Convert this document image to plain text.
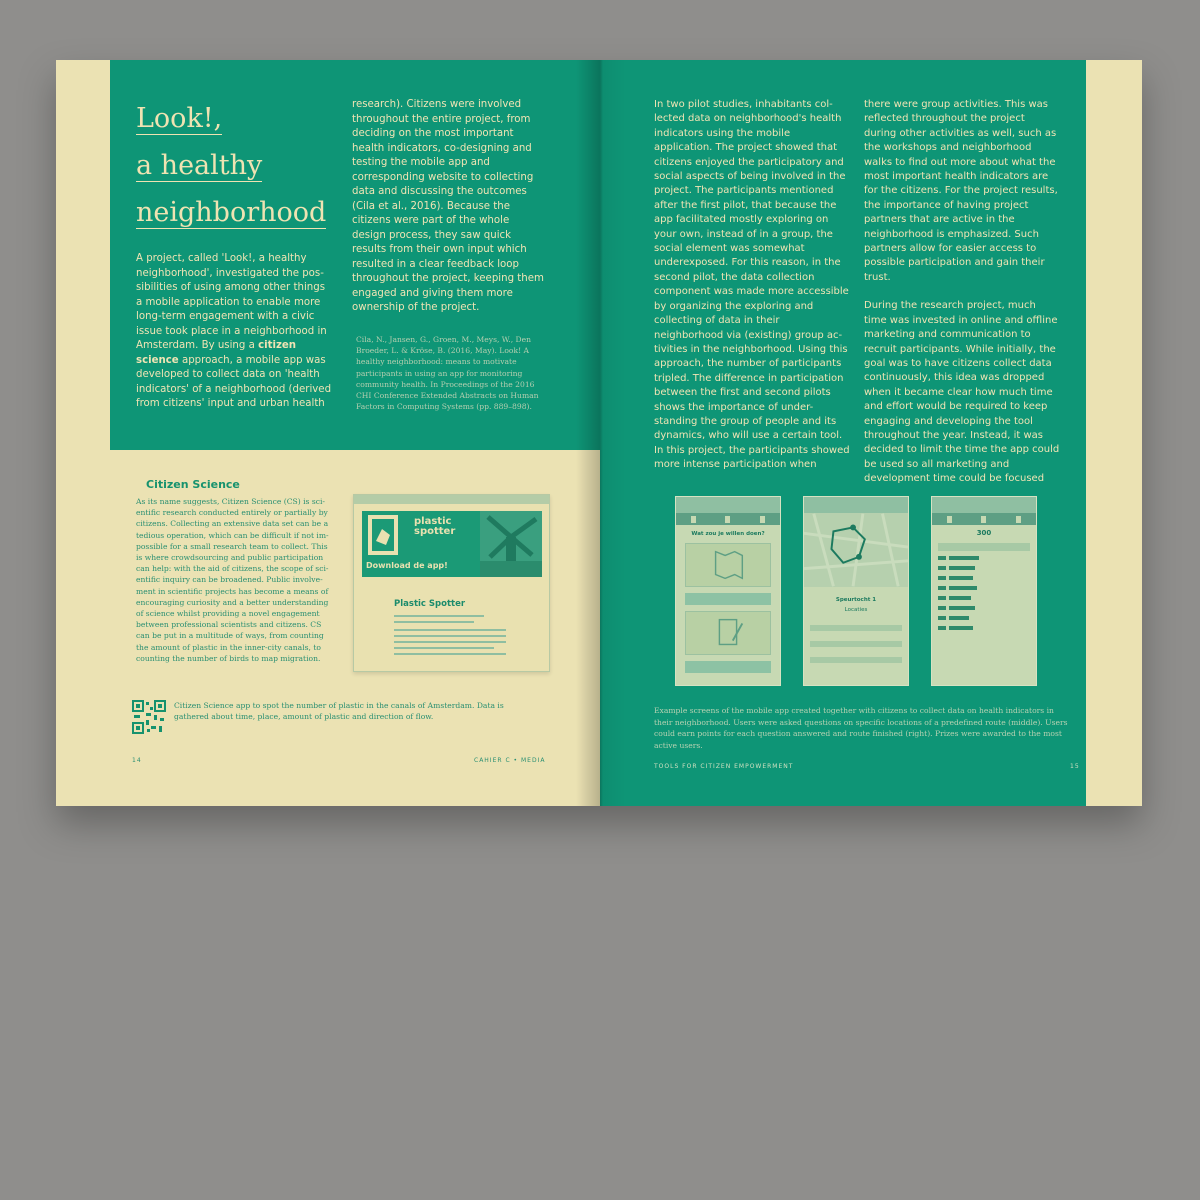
Look!,
a healthy
neighborhood

A project, called 'Look!, a healthy neighborhood', investigated the pos-sibilities of using among other things a mobile application to enable more long-term engagement with a civic issue took place in a neighborhood in Amsterdam. By using a citizen science approach, a mobile app was developed to collect data on 'health indicators' of a neighborhood (derived from citizens' input and urban health

research). Citizens were involved throughout the entire project, from deciding on the most important health indicators, co-designing and testing the mobile app and corresponding website to collecting data and discussing the outcomes (Cila et al., 2016). Because the citizens were part of the whole design process, they saw quick results from their own input which resulted in a clear feedback loop throughout the project, keeping them engaged and giving them more ownership of the project.

Cila, N., Jansen, G., Groen, M., Meys, W., Den Broeder, L. & Kröse, B. (2016, May). Look! A healthy neighborhood: means to motivate participants in using an app for monitoring community health. In Proceedings of the 2016 CHI Conference Extended Abstracts on Human Factors in Computing Systems (pp. 889–898).

Citizen Science

As its name suggests, Citizen Science (CS) is sci-entific research conducted entirely or partially by citizens. Collecting an extensive data set can be a tedious operation, which can be difficult if not im-possible for a small research team to collect. This is where crowdsourcing and public participation can help: with the aid of citizens, the scope of sci-entific inquiry can be broadened. Public involve-ment in scientific projects has become a means of encouraging curiosity and a better understanding of science whilst providing a novel engagement between professional scientists and citizens. CS can be put in a multitude of ways, from counting the amount of plastic in the inner-city canals, to counting the number of birds to map migration.

plastic spotter
Download de app!
Plastic Spotter

Citizen Science app to spot the number of plastic in the canals of Amsterdam. Data is gathered about time, place, amount of plastic and direction of flow.

14	CAHIER C • MEDIA

In two pilot studies, inhabitants col-lected data on neighborhood's health indicators using the mobile application. The project showed that citizens enjoyed the participatory and social aspects of being involved in the project. The participants mentioned after the first pilot, that because the app facilitated mostly exploring on your own, instead of in a group, the social element was somewhat underexposed. For this reason, in the second pilot, the data collection component was made more accessible by organizing the exploring and collecting of data in their neighborhood via (existing) group ac-tivities in the neighborhood. Using this approach, the number of participants tripled. The difference in participation between the first and second pilots shows the importance of under-standing the group of people and its dynamics, who will use a certain tool. In this project, the participants showed more intense participation when

there were group activities. This was reflected throughout the project during other activities as well, such as the workshops and neighborhood walks to find out more about what the most important health indicators are for the citizens. For the project results, the importance of having project partners that are active in the neighborhood is emphasized. Such partners allow for easier access to possible participation and gain their trust.

During the research project, much time was invested in online and offline marketing and communication to recruit participants. While initially, the goal was to have citizens collect data continuously, this idea was dropped when it became clear how much time and effort would be required to keep engaging and developing the tool throughout the year. Instead, it was decided to limit the time the app could be used so all marketing and development time could be focused

Wat zou je willen doen?
Speurtocht 1
Locaties
300

Example screens of the mobile app created together with citizens to collect data on health indicators in their neighborhood. Users were asked questions on specific locations of a predefined route (middle). Users could earn points for each question answered and route finished (right). Prizes were awarded to the most active users.

TOOLS FOR CITIZEN EMPOWERMENT	15
